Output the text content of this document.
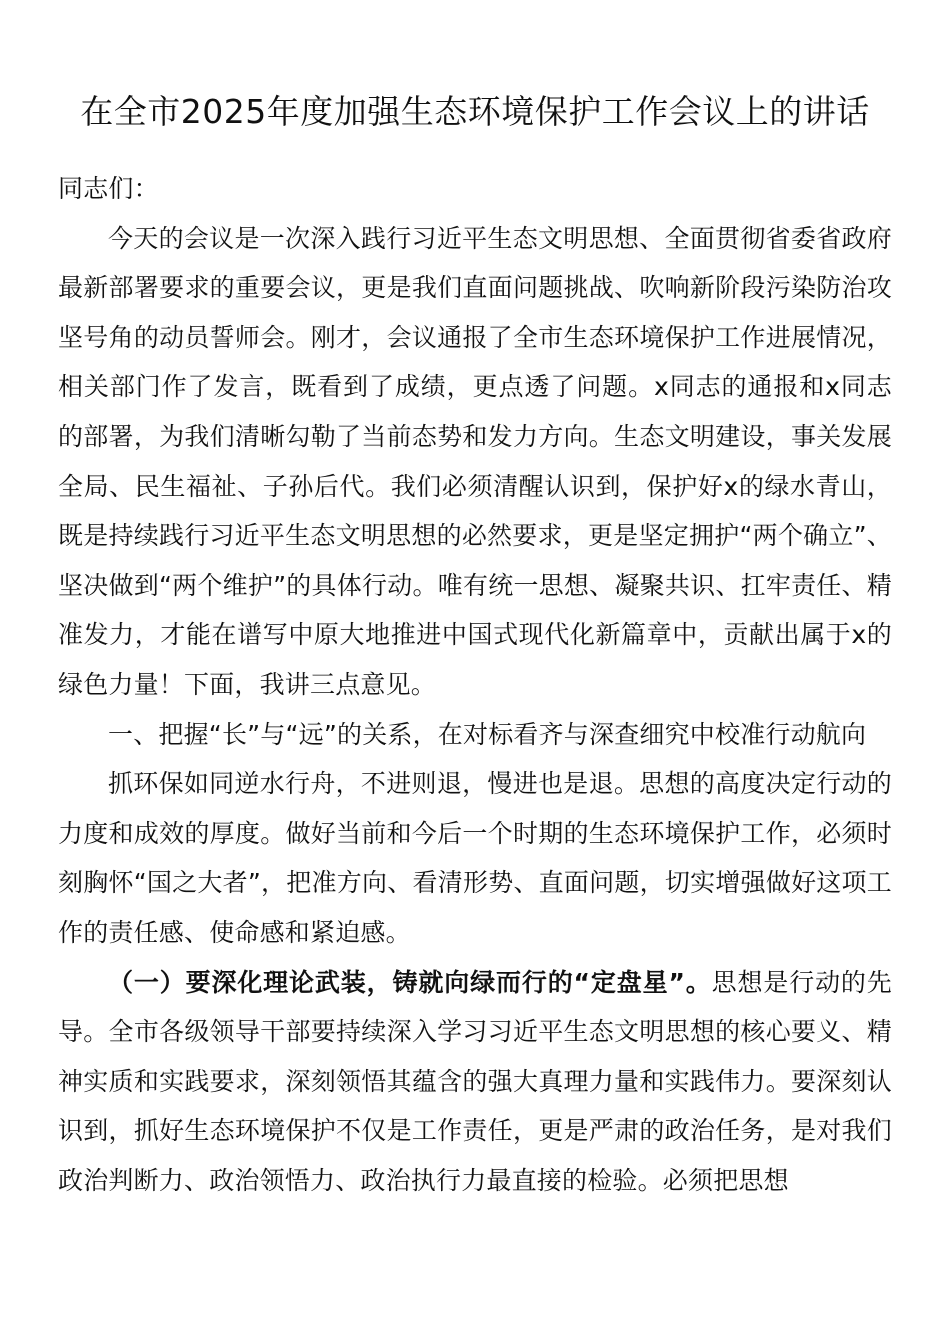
在全市2025年度加强生态环境保护工作会议上的讲话

同志们：

今天的会议是一次深入践行习近平生态文明思想、全面贯彻省委省政府最新部署要求的重要会议，更是我们直面问题挑战、吹响新阶段污染防治攻坚号角的动员誓师会。刚才，会议通报了全市生态环境保护工作进展情况，相关部门作了发言，既看到了成绩，更点透了问题。x同志的通报和x同志的部署，为我们清晰勾勒了当前态势和发力方向。生态文明建设，事关发展全局、民生福祉、子孙后代。我们必须清醒认识到，保护好x的绿水青山，既是持续践行习近平生态文明思想的必然要求，更是坚定拥护“两个确立”、坚决做到“两个维护”的具体行动。唯有统一思想、凝聚共识、扛牢责任、精准发力，才能在谱写中原大地推进中国式现代化新篇章中，贡献出属于x的绿色力量！下面，我讲三点意见。

一、把握“长”与“远”的关系，在对标看齐与深查细究中校准行动航向

抓环保如同逆水行舟，不进则退，慢进也是退。思想的高度决定行动的力度和成效的厚度。做好当前和今后一个时期的生态环境保护工作，必须时刻胸怀“国之大者”，把准方向、看清形势、直面问题，切实增强做好这项工作的责任感、使命感和紧迫感。

（一）要深化理论武装，铸就向绿而行的“定盘星”。思想是行动的先导。全市各级领导干部要持续深入学习习近平生态文明思想的核心要义、精神实质和实践要求，深刻领悟其蕴含的强大真理力量和实践伟力。要深刻认识到，抓好生态环境保护不仅是工作责任，更是严肃的政治任务，是对我们政治判断力、政治领悟力、政治执行力最直接的检验。必须把思想
